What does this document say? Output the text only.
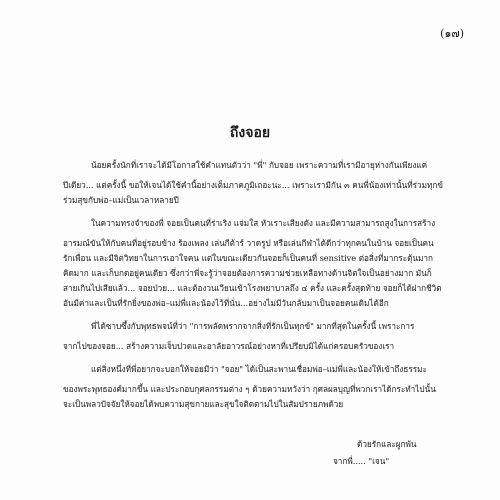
(๑๗)
ถึงจอย
น้อยครั้งนักที่เราจะได้มีโอกาสใช้คำแทนตัวว่า "พี่" กับจอย เพราะความที่เรามีอายุห่างกันเพียงแค่
ปีเดียว... แต่ครั้งนี้ ขอให้เจนได้ใช้คำนี้อย่างเต็มภาคภูมิเถอะนะ... เพราะเรามีกัน ๓ คนพี่น้องเท่านั้นที่ร่วมทุกข์
ร่วมสุขกับพ่อ–แม่เป็นเวลาหลายปี
ในความทรงจำของพี่ จอยเป็นคนที่ร่าเริง แจ่มใส หัวเราะเสียงดัง และมีความสามารถสูงในการสร้าง
อารมณ์ขันให้กับคนที่อยู่รอบข้าง ร้องเพลง เล่นกีต้าร์ วาดรูป หรือเล่นกีฬาได้ดีกว่าทุกคนในบ้าน จอยเป็นคน
รักเพื่อน และมีจิตวิทยาในการเอาใจคน แต่ในขณะเดียวกันจอยก็เป็นคนที่ sensitive ต่อสิ่งที่มากระตุ้นมาก
คิดมาก และเก็บกดอยู่คนเดียว ซึ่งกว่าพี่จะรู้ว่าจอยต้องการความช่วยเหลือทางด้านจิตใจเป็นอย่างมาก มันก็
สายเกินไปเสียแล้ว... จอยป่วย... และต้องวนเวียนเข้าโรงพยาบาลถึง ๔ ครั้ง และครั้งสุดท้าย จอยก็ได้ฝากชีวิต
อันมีค่าและเป็นที่รักยิ่งของพ่อ–แม่พี่และน้องไว้ที่นั่น...อย่างไม่มีวันกลับมาเป็นจอยคนเดิมได้อีก
พี่ได้ซาบซึ้งกับพุทธพจน์ที่ว่า "การพลัดพรากจากสิ่งที่รักเป็นทุกข์" มากที่สุดในครั้งนี้ เพราะการ
จากไปของจอย... สร้างความเจ็บปวดและอาลัยอาวรณ์อย่างหาที่เปรียบมิได้แก่ครอบครัวของเรา
แต่สิ่งหนึ่งที่พี่อยากจะบอกให้จอยมีว่า "จอย" ได้เป็นสะพานเชื่อมพ่อ–แม่พี่และน้องให้เข้าถึงธรรมะ
ของพระพุทธองค์มากขึ้น และประกอบกุศลกรรมต่าง ๆ ด้วยความหวังว่า กุศลผลบุญที่พวกเราได้กระทำไปนั้น
จะเป็นพลวปัจจัยให้จอยได้พบความสุขกายและสุขใจติดตามไปในสัมปรายภพด้วย
ด้วยรักและผูกพัน
จากพี่..... "เจน"
